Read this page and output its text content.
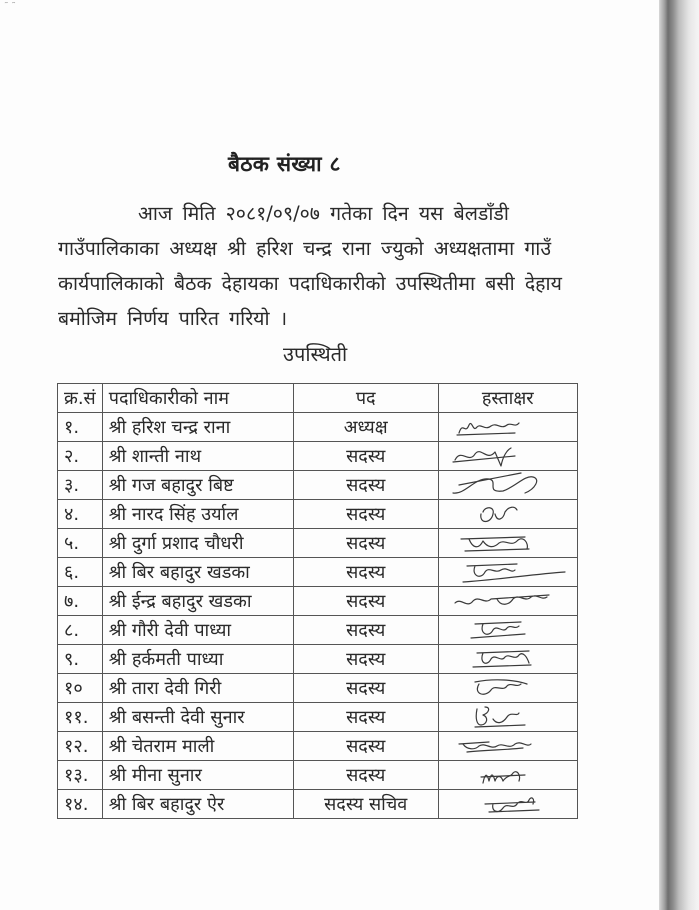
˜ ˜
बैठक संख्या ८
आज मिति २०८१/०९/०७ गतेका दिन यस बेलडाँडी गाउँपालिकाका अध्यक्ष श्री हरिश चन्द्र राना ज्युको अध्यक्षतामा गाउँ कार्यपालिकाको बैठक देहायका पदाधिकारीको उपस्थितीमा बसी देहाय बमोजिम निर्णय पारित गरियो ।
उपस्थिती
क्र.सं	पदाधिकारीको नाम	पद	हस्ताक्षर
१.	श्री हरिश चन्द्र राना	अध्यक्ष	

२.	श्री शान्ती नाथ	सदस्य	

३.	श्री गज बहादुर बिष्ट	सदस्य	

४.	श्री नारद सिंह उर्याल	सदस्य	

५.	श्री दुर्गा प्रशाद चौधरी	सदस्य	

६.	श्री बिर बहादुर खडका	सदस्य	

७.	श्री ईन्द्र बहादुर खडका	सदस्य	

८.	श्री गौरी देवी पाध्या	सदस्य	

९.	श्री हर्कमती पाध्या	सदस्य	

१०	श्री तारा देवी गिरी	सदस्य	

११.	श्री बसन्ती देवी सुनार	सदस्य	

१२.	श्री चेतराम माली	सदस्य	

१३.	श्री मीना सुनार	सदस्य	

१४.	श्री बिर बहादुर ऐर	सदस्य सचिव	
